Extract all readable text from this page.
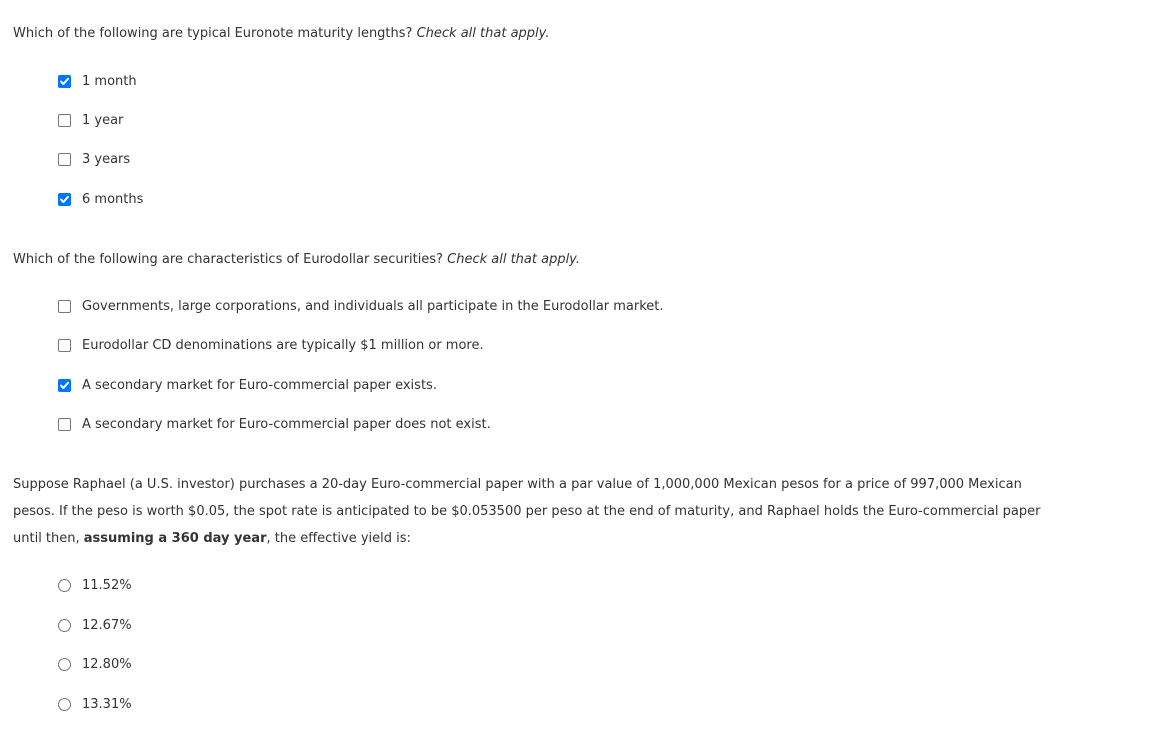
Which of the following are typical Euronote maturity lengths? Check all that apply.

1 month
1 year
3 years
6 months

Which of the following are characteristics of Eurodollar securities? Check all that apply.

Governments, large corporations, and individuals all participate in the Eurodollar market.
Eurodollar CD denominations are typically $1 million or more.
A secondary market for Euro-commercial paper exists.
A secondary market for Euro-commercial paper does not exist.

Suppose Raphael (a U.S. investor) purchases a 20-day Euro-commercial paper with a par value of 1,000,000 Mexican pesos for a price of 997,000 Mexican pesos. If the peso is worth $0.05, the spot rate is anticipated to be $0.053500 per peso at the end of maturity, and Raphael holds the Euro-commercial paper until then, assuming a 360 day year, the effective yield is:

11.52%
12.67%
12.80%
13.31%
